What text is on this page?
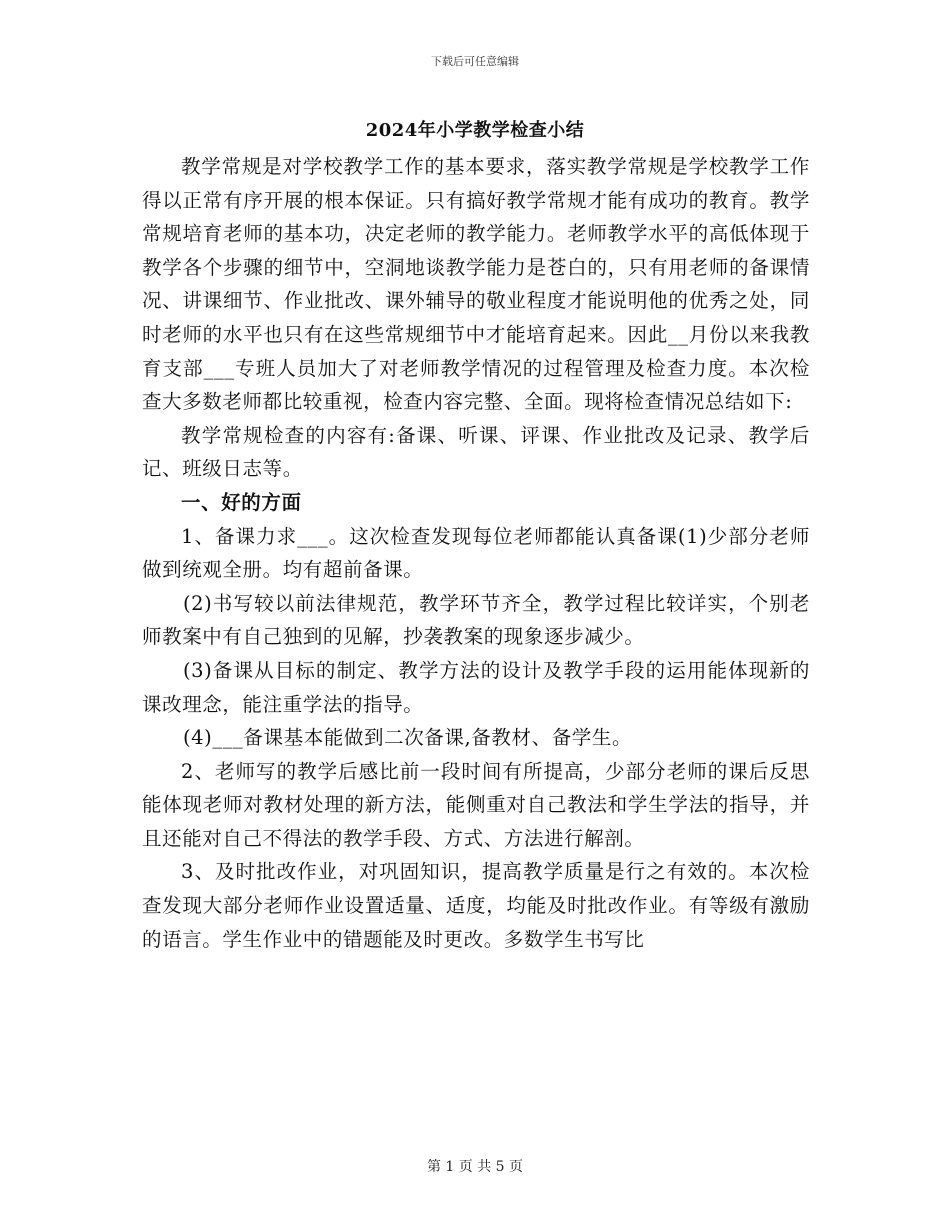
下载后可任意编辑
2024年小学教学检查小结

教学常规是对学校教学工作的基本要求，落实教学常规是学校教学工作得以正常有序开展的根本保证。只有搞好教学常规才能有成功的教育。教学常规培育老师的基本功，决定老师的教学能力。老师教学水平的高低体现于教学各个步骤的细节中，空洞地谈教学能力是苍白的，只有用老师的备课情况、讲课细节、作业批改、课外辅导的敬业程度才能说明他的优秀之处，同时老师的水平也只有在这些常规细节中才能培育起来。因此__月份以来我教育支部___专班人员加大了对老师教学情况的过程管理及检查力度。本次检查大多数老师都比较重视，检查内容完整、全面。现将检查情况总结如下:

教学常规检查的内容有:备课、听课、评课、作业批改及记录、教学后记、班级日志等。

一、好的方面

1、备课力求___。这次检查发现每位老师都能认真备课(1)少部分老师做到统观全册。均有超前备课。

(2)书写较以前法律规范，教学环节齐全，教学过程比较详实，个别老师教案中有自己独到的见解，抄袭教案的现象逐步减少。

(3)备课从目标的制定、教学方法的设计及教学手段的运用能体现新的课改理念，能注重学法的指导。

(4)___备课基本能做到二次备课,备教材、备学生。

2、老师写的教学后感比前一段时间有所提高，少部分老师的课后反思能体现老师对教材处理的新方法，能侧重对自己教法和学生学法的指导，并且还能对自己不得法的教学手段、方式、方法进行解剖。

3、及时批改作业，对巩固知识，提高教学质量是行之有效的。本次检查发现大部分老师作业设置适量、适度，均能及时批改作业。有等级有激励的语言。学生作业中的错题能及时更改。多数学生书写比

第 1 页 共 5 页
